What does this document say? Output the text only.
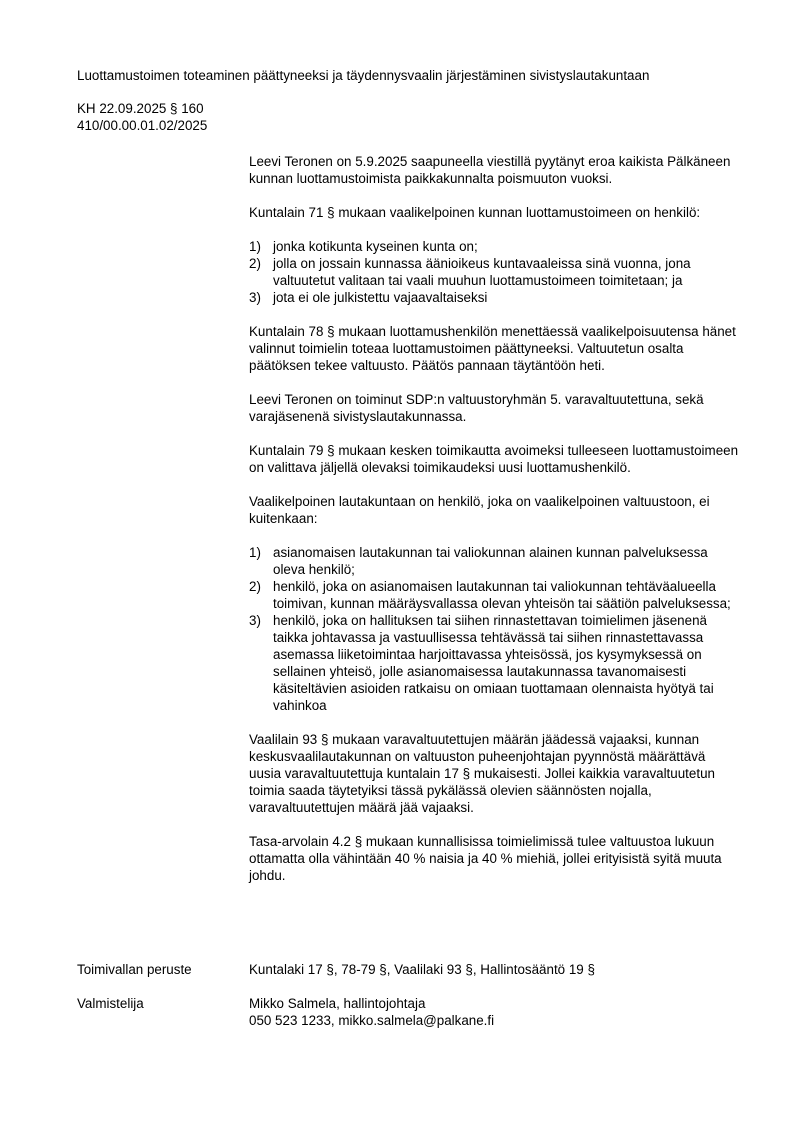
Luottamustoimen toteaminen päättyneeksi ja täydennysvaalin järjestäminen sivistyslautakuntaan
KH 22.09.2025 § 160
410/00.00.01.02/2025

Leevi Teronen on 5.9.2025 saapuneella viestillä pyytänyt eroa kaikista Pälkäneen kunnan luottamustoimista paikkakunnalta poismuuton vuoksi.

Kuntalain 71 § mukaan vaalikelpoinen kunnan luottamustoimeen on henkilö:

1) jonka kotikunta kyseinen kunta on;
2) jolla on jossain kunnassa äänioikeus kuntavaaleissa sinä vuonna, jona valtuutetut valitaan tai vaali muuhun luottamustoimeen toimitetaan; ja
3) jota ei ole julkistettu vajaavaltaiseksi

Kuntalain 78 § mukaan luottamushenkilön menettäessä vaalikelpoisuutensa hänet valinnut toimielin toteaa luottamustoimen päättyneeksi. Valtuutetun osalta päätöksen tekee valtuusto. Päätös pannaan täytäntöön heti.

Leevi Teronen on toiminut SDP:n valtuustoryhmän 5. varavaltuutettuna, sekä varajäsenenä sivistyslautakunnassa.

Kuntalain 79 § mukaan kesken toimikautta avoimeksi tulleeseen luottamustoimeen on valittava jäljellä olevaksi toimikaudeksi uusi luottamushenkilö.

Vaalikelpoinen lautakuntaan on henkilö, joka on vaalikelpoinen valtuustoon, ei kuitenkaan:

1) asianomaisen lautakunnan tai valiokunnan alainen kunnan palveluksessa oleva henkilö;
2) henkilö, joka on asianomaisen lautakunnan tai valiokunnan tehtäväalueella toimivan, kunnan määräysvallassa olevan yhteisön tai säätiön palveluksessa;
3) henkilö, joka on hallituksen tai siihen rinnastettavan toimielimen jäsenenä taikka johtavassa ja vastuullisessa tehtävässä tai siihen rinnastettavassa asemassa liiketoimintaa harjoittavassa yhteisössä, jos kysymyksessä on sellainen yhteisö, jolle asianomaisessa lautakunnassa tavanomaisesti käsiteltävien asioiden ratkaisu on omiaan tuottamaan olennaista hyötyä tai vahinkoa

Vaalilain 93 § mukaan varavaltuutettujen määrän jäädessä vajaaksi, kunnan keskusvaalilautakunnan on valtuuston puheenjohtajan pyynnöstä määrättävä uusia varavaltuutettuja kuntalain 17 § mukaisesti. Jollei kaikkia varavaltuutetun toimia saada täytetyiksi tässä pykälässä olevien säännösten nojalla, varavaltuutettujen määrä jää vajaaksi.

Tasa-arvolain 4.2 § mukaan kunnallisissa toimielimissä tulee valtuustoa lukuun ottamatta olla vähintään 40 % naisia ja 40 % miehiä, jollei erityisistä syitä muuta johdu.

Toimivallan peruste	Kuntalaki 17 §, 78-79 §, Vaalilaki 93 §, Hallintosääntö 19 §
Valmistelija	Mikko Salmela, hallintojohtaja
050 523 1233, mikko.salmela@palkane.fi
